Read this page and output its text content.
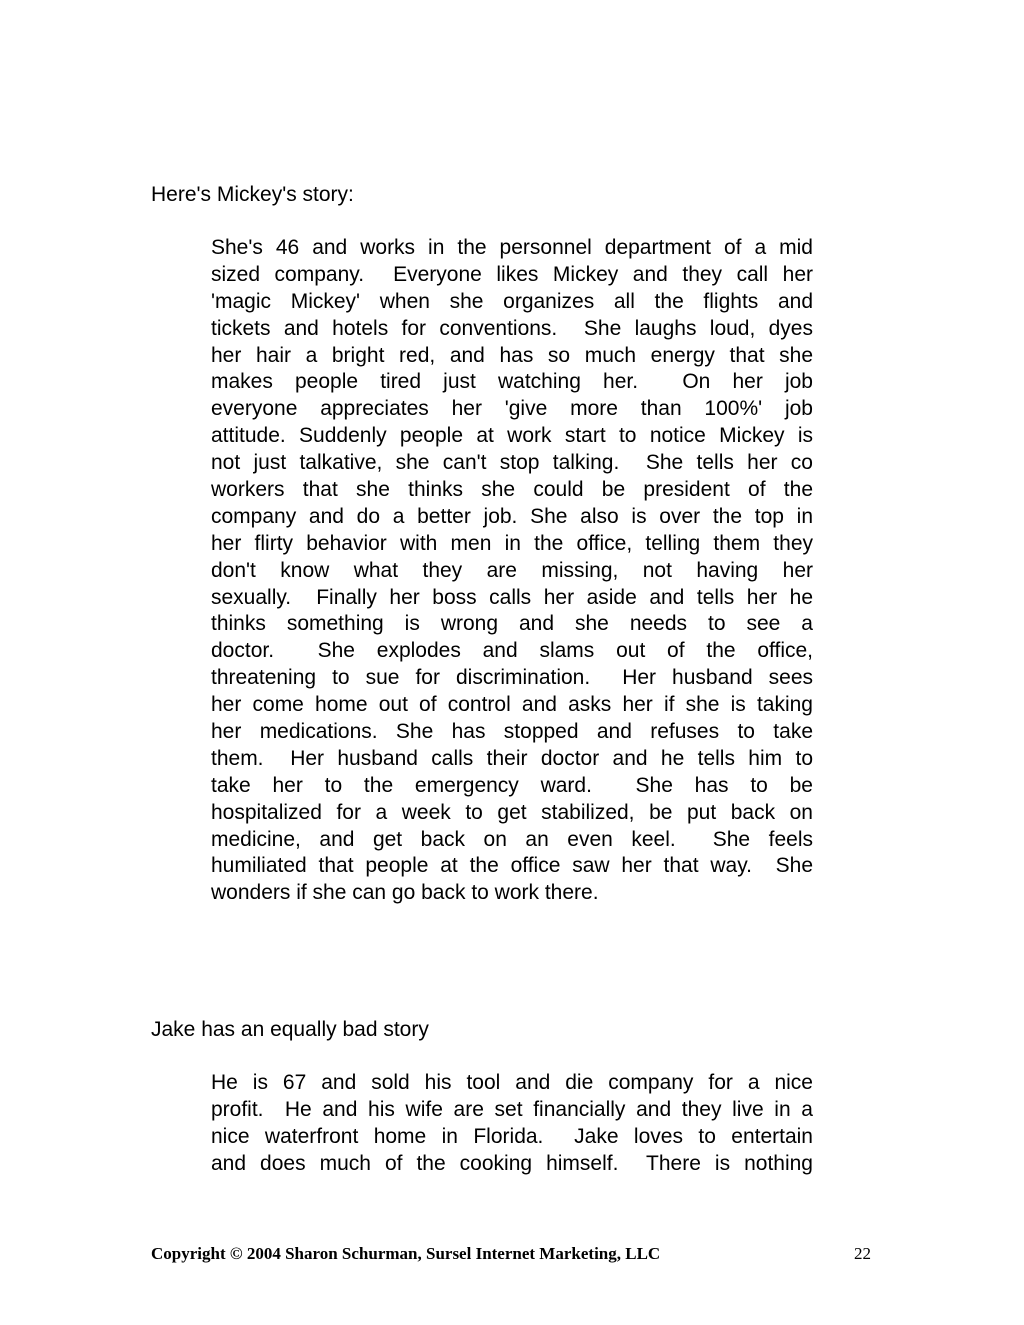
Here's Mickey's story:

She's 46 and works in the personnel department of a mid
sized company.  Everyone likes Mickey and they call her
'magic Mickey' when she organizes all the flights and
tickets and hotels for conventions.  She laughs loud, dyes
her hair a bright red, and has so much energy that she
makes people tired just watching her.  On her job
everyone appreciates her 'give more than 100%' job
attitude. Suddenly people at work start to notice Mickey is
not just talkative, she can't stop talking.  She tells her co
workers that she thinks she could be president of the
company and do a better job. She also is over the top in
her flirty behavior with men in the office, telling them they
don't know what they are missing, not having her
sexually.  Finally her boss calls her aside and tells her he
thinks something is wrong and she needs to see a
doctor.  She explodes and slams out of the office,
threatening to sue for discrimination.  Her husband sees
her come home out of control and asks her if she is taking
her medications. She has stopped and refuses to take
them.  Her husband calls their doctor and he tells him to
take her to the emergency ward.  She has to be
hospitalized for a week to get stabilized, be put back on
medicine, and get back on an even keel.  She feels
humiliated that people at the office saw her that way.  She
wonders if she can go back to work there.

Jake has an equally bad story

He is 67 and sold his tool and die company for a nice
profit.  He and his wife are set financially and they live in a
nice waterfront home in Florida.  Jake loves to entertain
and does much of the cooking himself.  There is nothing

Copyright © 2004 Sharon Schurman, Sursel Internet Marketing, LLC	22
